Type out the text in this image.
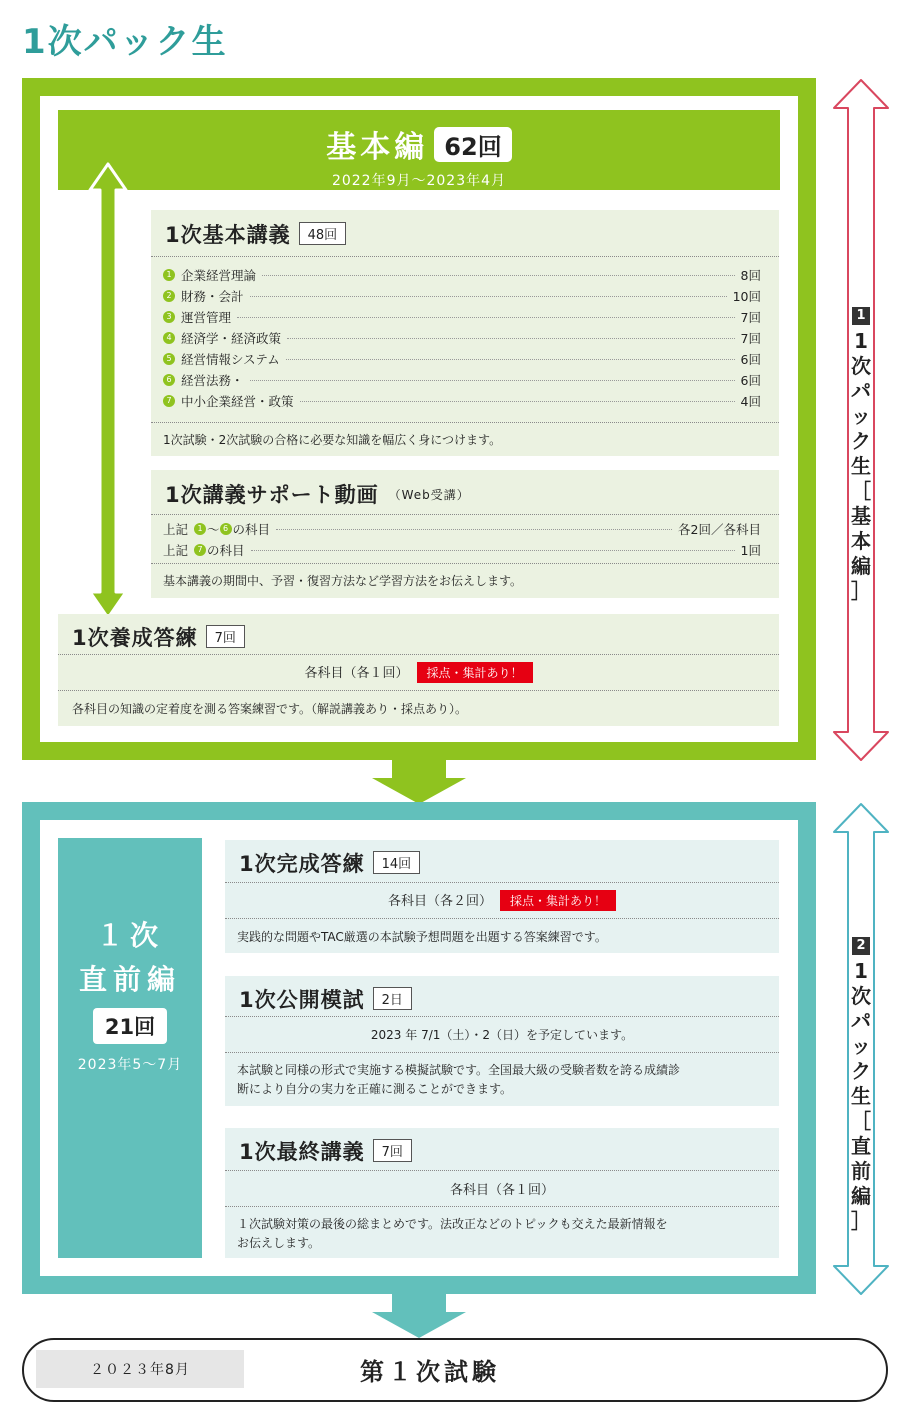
1次パック生
基本編 62回
2022年9月～2023年4月
1次基本講義 48回
1 企業経営理論	8回
2 財務・会計	10回
3 運営管理	7回
4 経済学・経済政策	7回
5 経営情報システム	6回
6 経営法務・	6回
7 中小企業経営・政策	4回
1次試験・2次試験の合格に必要な知識を幅広く身につけます。
1次講義サポート動画 （Web受講）
上記	1 ～ 6 の科目	各2回／各科目
上記	7 の科目	1回
基本講義の期間中、予習・復習方法など学習方法をお伝えします。
1次養成答練 7回
各科目（各１回） 採点・集計あり！
各科目の知識の定着度を測る答案練習です。（解説講義あり・採点あり）。
1
1
次
パ
ッ
ク
生
［
基
本
編
］
１次
直前編
21回
2023年5～7月
1次完成答練 14回
各科目（各２回） 採点・集計あり！
実践的な問題やTAC厳選の本試験予想問題を出題する答案練習です。
1次公開模試 2日
2023 年 7/1（土）・2（日）を予定しています。
本試験と同様の形式で実施する模擬試験です。全国最大級の受験者数を誇る成績診
断により自分の実力を正確に測ることができます。
1次最終講義 7回
各科目（各１回）
１次試験対策の最後の総まとめです。法改正などのトピックも交えた最新情報を
お伝えします。
2
1
次
パ
ッ
ク
生
［
直
前
編
］
２０２３年8月	第１次試験
